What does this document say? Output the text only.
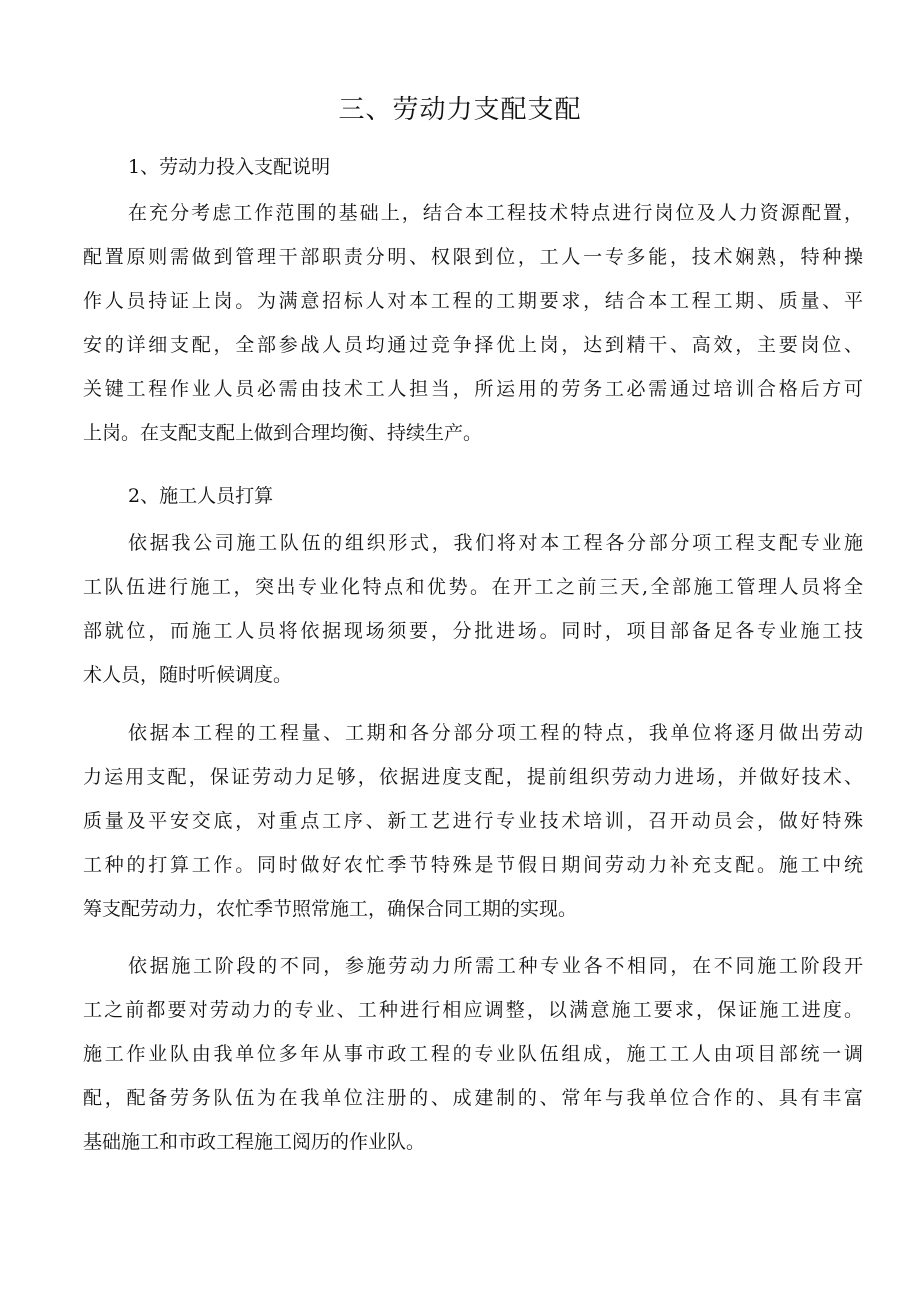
三、劳动力支配支配
1、劳动力投入支配说明
在充分考虑工作范围的基础上，结合本工程技术特点进行岗位及人力资源配置，
配置原则需做到管理干部职责分明、权限到位，工人一专多能，技术娴熟，特种操
作人员持证上岗。为满意招标人对本工程的工期要求，结合本工程工期、质量、平
安的详细支配，全部参战人员均通过竞争择优上岗，达到精干、高效，主要岗位、
关键工程作业人员必需由技术工人担当，所运用的劳务工必需通过培训合格后方可
上岗。在支配支配上做到合理均衡、持续生产。
2、施工人员打算
依据我公司施工队伍的组织形式，我们将对本工程各分部分项工程支配专业施
工队伍进行施工，突出专业化特点和优势。在开工之前三天,全部施工管理人员将全
部就位，而施工人员将依据现场须要，分批进场。同时，项目部备足各专业施工技
术人员，随时听候调度。
依据本工程的工程量、工期和各分部分项工程的特点，我单位将逐月做出劳动
力运用支配，保证劳动力足够，依据进度支配，提前组织劳动力进场，并做好技术、
质量及平安交底，对重点工序、新工艺进行专业技术培训，召开动员会，做好特殊
工种的打算工作。同时做好农忙季节特殊是节假日期间劳动力补充支配。施工中统
筹支配劳动力，农忙季节照常施工，确保合同工期的实现。
依据施工阶段的不同，参施劳动力所需工种专业各不相同，在不同施工阶段开
工之前都要对劳动力的专业、工种进行相应调整，以满意施工要求，保证施工进度。
施工作业队由我单位多年从事市政工程的专业队伍组成，施工工人由项目部统一调
配，配备劳务队伍为在我单位注册的、成建制的、常年与我单位合作的、具有丰富
基础施工和市政工程施工阅历的作业队。
